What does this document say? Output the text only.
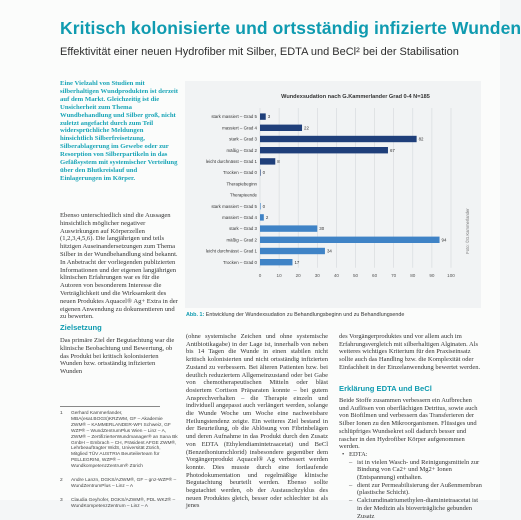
Kritisch kolonisierte und ortsständig infizierte Wunden
Effektivität einer neuen Hydrofiber mit Silber, EDTA und BeCl² bei der Stabilisation
Eine Vielzahl von Studien mit silberhaltigen Wundprodukten ist derzeit auf dem Markt. Gleichzeitig ist die Unsicherheit zum Thema Wundbehandlung und Silber groß, nicht zuletzt angefacht durch zum Teil widersprüchliche Meldungen hinsichtlich Silberfreisetzung, Silberablagerung im Gewebe oder zur Resorption von Silberpartikeln in das Gefäßsystem mit systemischer Verteilung über den Blutkreislauf und Einlagerungen im Körper.
Ebenso unterschiedlich sind die Aussagen hinsichtlich möglicher negativer Auswirkungen auf Körperzellen (1,2,3,4,5,6). Die langjährigen und teils hitzigen Auseinandersetzungen zum Thema Silber in der Wundbehandlung sind bekannt. In Anbetracht der vorliegenden publizierten Informationen und der eigenen langjährigen klinischen Erfahrungen war es für die Autoren von besonderem Interesse die Verträglichkeit und die Wirksamkeit des neuen Produktes Aquacel® Ag+ Extra in der eigenen Anwendung zu dokumentieren und zu bewerten.
Zielsetzung
Das primäre Ziel der Begutachtung war die klinische Beobachtung und Bewertung, ob das Produkt bei kritisch kolonisierten Wunden bzw. ortsständig infizierten Wunden
1	Gerhard Kammerlander, MBA(esat.BOGS)KRZWM, GF – Akademie ZWM® – KAMMERLANDER-WFI Schweiz, GF WZP® – WundZentrumPlus Wien – Linz – A, ZWM® – ZertifizierterWundmanager® an Sana Bk GmbH – Embrach – CH, Präsident AFGE ZWM®, Lehrbeauftragter WidS, Universität Zürich, Mitglied TÜV AUSTRIA Beurteilerteam für PELLEGRINI, WZP® – WundkompetenzZentrum® Zürich
2	Andre Lanzn, DGKS/AZWM®, GF – gnz-WZP® – WundZentrumPlus – Linz – A
3	Claudia Geyhofer, DGKS/AZWM®, PDL WKZ® – WundKompetenzZentrum – Linz – A
Wundexsudation nach G.Kammerlander Grad 0-4 N=185
0	10	20	30	40	50	60	70	80	90	100
stark massiert – Grad 5 3
massiert – Grad 4	22
stark – Grad 3	82
mäßig – Grad 2	67
leicht durchnässt – Grad 1	8
Trocken – Grad 0 0
Therapiebeginn
Therapieende
stark massiert – Grad 5 0
massiert – Grad 4 2
stark – Grad 3	30
mäßig – Grad 2	94
leicht durchnässt – Grad 1	34
Trocken – Grad 0	17
Foto: ©G.Kammerlander
Abb. 1: Entwicklung der Wundexsudation zu Behandlungsbeginn und zu Behandlungsende
(ohne systemische Zeichen und ohne systemische Antibiotikagabe) in der Lage ist, innerhalb von neben bis 14 Tagen die Wunde in einen stabilen nicht kritisch kolonisierten und nicht ortsständig infizierten Zustand zu verbessern. Bei älteren Patienten bzw. bei deutlich reduziertem Allgemeinzustand oder bei Gabe von chemotherapeutischen Mitteln oder bläst dosiertem Cortison Präparaten konnte – bei gutem Ansprechverhalten – die Therapie einzeln und individuell angepasst auch verlängert werden, solange die Wunde Woche um Woche eine nachweisbare Heilungstendenz zeigte. Ein weiteres Ziel bestand in der Beurteilung, ob die Ablösung von Fibrinbelägen und deren Aufnahme in das Produkt durch den Zusatz von EDTA (Ethylendiamintetraacetat) und BeCl (Benzethoniumchlorid) insbesondere gegenüber dem Vorgängerprodukt Aquacel® Ag verbessert werden konnte. Dies musste durch eine fortlaufende Photodokumentation und regelmäßige klinische Begutachtung beurteilt werden. Ebenso sollte begutachtet werden, ob der Austauschzyklus des neuen Produktes gleich, besser oder schlechter ist als jenes
des Vorgängerproduktes und vor allem auch im Erfahrungsvergleich mit silberhaltigen Alginaten. Als weiteres wichtiges Kriterium für den Praxiseinsatz sollte auch das Handling bzw. die Komplexität oder Einfachheit in der Einzelanwendung bewertet werden.
Erklärung EDTA und BeCl
Beide Stoffe zusammen verbessern ein Aufbrechen und Auflösen von oberflächigen Detritus, sowie auch von Biofilmen und verbessern das Transferieren der Silber Ionen zu den Mikroorganismen. Flüssiges und schlüpfriges Wundsekret soll dadurch besser und rascher in den Hydrofiber Körper aufgenommen werden.
• EDTA:
– ist in vielen Wasch- und Reinigungsmitteln zur Bindung von Ca2+ und Mg2+ Ionen (Entspannung) enthalten.
– dient zur Permeabilisierung der Außenmembran (plastische Schicht).
– Calciumdinatriumethylen-diamintetraacetat ist in der Medizin als bioverträgliche gebunden Zusatz
